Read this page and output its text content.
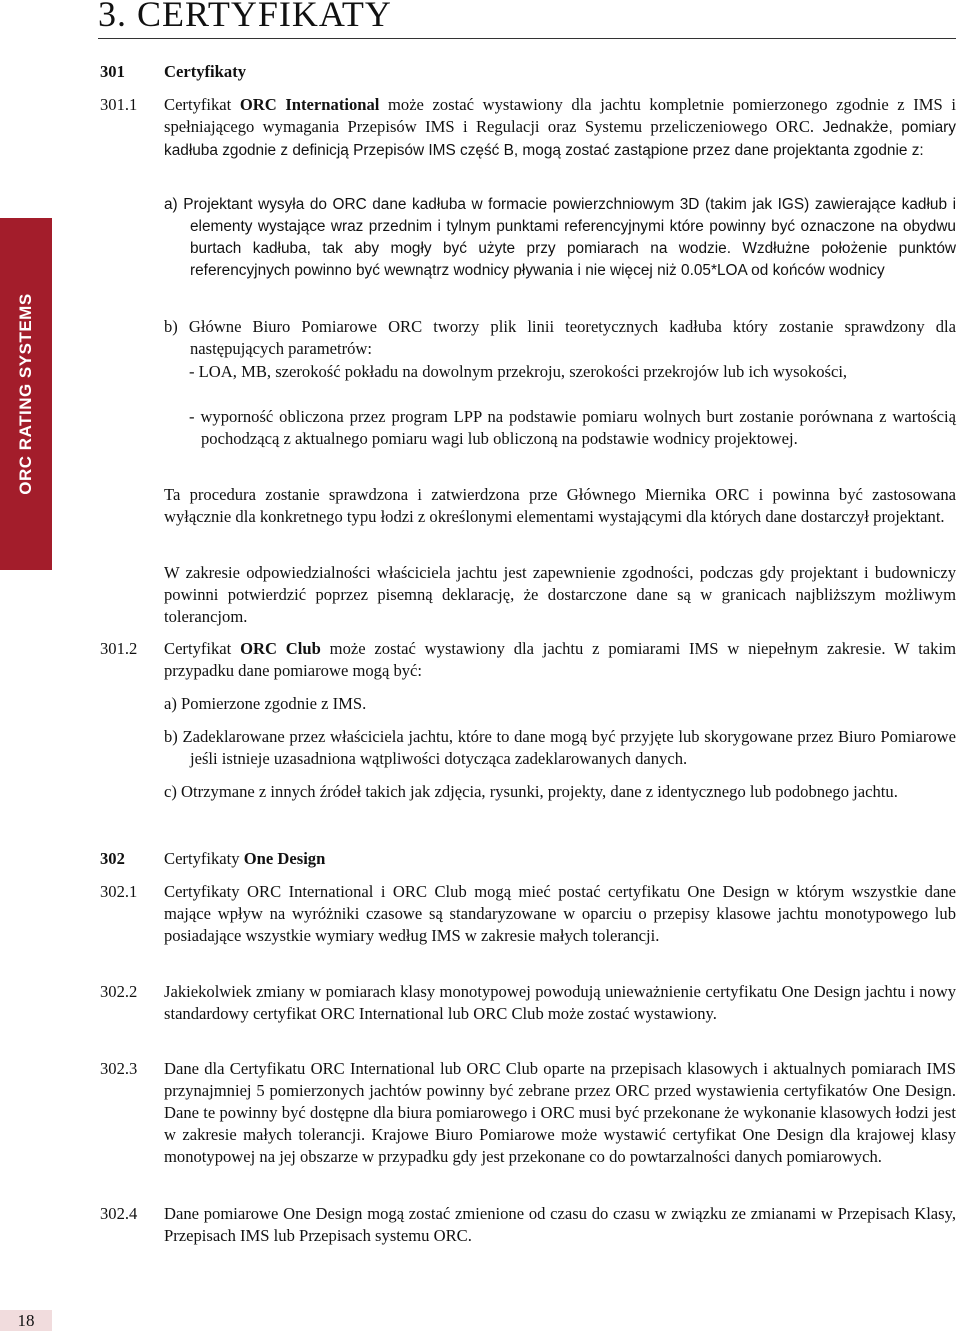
ORC RATING SYSTEMS
18
3. CERTYFIKATY
301 Certyfikaty
301.1 Certyfikat ORC International może zostać wystawiony dla jachtu kompletnie pomierzonego zgodnie z IMS i spełniającego wymagania Przepisów IMS i Regulacji oraz Systemu przeliczeniowego ORC. Jednakże, pomiary kadłuba zgodnie z definicją Przepisów IMS część B, mogą zostać zastąpione przez dane projektanta zgodnie z:
a) Projektant wysyła do ORC dane kadłuba w formacie powierzchniowym 3D (takim jak IGS) zawierające kadłub i elementy wystające wraz przednim i tylnym punktami referencyjnymi które powinny być oznaczone na obydwu burtach kadłuba, tak aby mogły być użyte przy pomiarach na wodzie. Wzdłużne położenie punktów referencyjnych powinno być wewnątrz wodnicy pływania i nie więcej niż 0.05*LOA od końców wodnicy
b) Główne Biuro Pomiarowe ORC tworzy plik linii teoretycznych kadłuba który zostanie sprawdzony dla następujących parametrów:
- LOA, MB, szerokość pokładu na dowolnym przekroju, szerokości przekrojów lub ich wysokości,
- wyporność obliczona przez program LPP na podstawie pomiaru wolnych burt zostanie porównana z wartością pochodzącą z aktualnego pomiaru wagi lub obliczoną na podstawie wodnicy projektowej.
Ta procedura zostanie sprawdzona i zatwierdzona prze Głównego Miernika ORC i powinna być zastosowana wyłącznie dla konkretnego typu łodzi z określonymi elementami wystającymi dla których dane dostarczył projektant.
W zakresie odpowiedzialności właściciela jachtu jest zapewnienie zgodności, podczas gdy projektant i budowniczy powinni potwierdzić poprzez pisemną deklarację, że dostarczone dane są w granicach najbliższym możliwym tolerancjom.
301.2 Certyfikat ORC Club może zostać wystawiony dla jachtu z pomiarami IMS w niepełnym zakresie. W takim przypadku dane pomiarowe mogą być:
a) Pomierzone zgodnie z IMS.
b) Zadeklarowane przez właściciela jachtu, które to dane mogą być przyjęte lub skorygowane przez Biuro Pomiarowe jeśli istnieje uzasadniona wątpliwości dotycząca zadeklarowanych danych.
c) Otrzymane z innych źródeł takich jak zdjęcia, rysunki, projekty, dane z identycznego lub podobnego jachtu.
302 Certyfikaty One Design
302.1 Certyfikaty ORC International i ORC Club mogą mieć postać certyfikatu One Design w którym wszystkie dane mające wpływ na wyróżniki czasowe są standaryzowane w oparciu o przepisy klasowe jachtu monotypowego lub posiadające wszystkie wymiary według IMS w zakresie małych tolerancji.
302.2 Jakiekolwiek zmiany w pomiarach klasy monotypowej powodują unieważnienie certyfikatu One Design jachtu i nowy standardowy certyfikat ORC International lub ORC Club może zostać wystawiony.
302.3 Dane dla Certyfikatu ORC International lub ORC Club oparte na przepisach klasowych i aktualnych pomiarach IMS przynajmniej 5 pomierzonych jachtów powinny być zebrane przez ORC przed wystawienia certyfikatów One Design. Dane te powinny być dostępne dla biura pomiarowego i ORC musi być przekonane że wykonanie klasowych łodzi jest w zakresie małych tolerancji. Krajowe Biuro Pomiarowe może wystawić certyfikat One Design dla krajowej klasy monotypowej na jej obszarze w przypadku gdy jest przekonane co do powtarzalności danych pomiarowych.
302.4 Dane pomiarowe One Design mogą zostać zmienione od czasu do czasu w związku ze zmianami w Przepisach Klasy, Przepisach IMS lub Przepisach systemu ORC.
